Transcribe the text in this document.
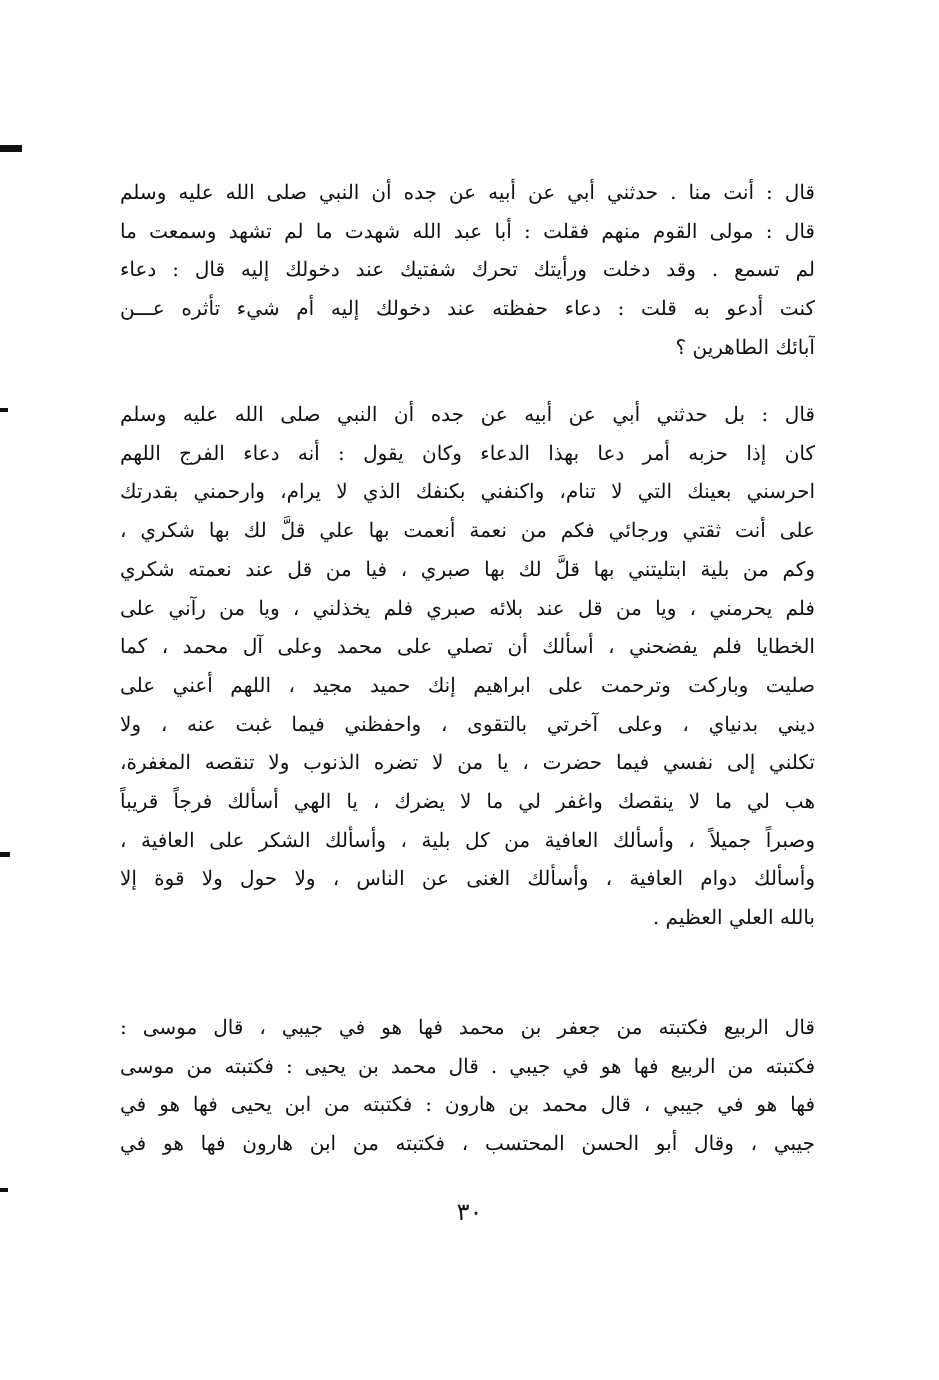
قال : أنت منا . حدثني أبي عن أبيه عن جده أن النبي صلى الله عليه وسلم
قال : مولى القوم منهم فقلت : أبا عبد الله شهدت ما لم تشهد وسمعت ما
لم تسمع . وقد دخلت ورأيتك تحرك شفتيك عند دخولك إليه قال : دعاء
كنت أدعو به قلت : دعاء حفظته عند دخولك إليه أم شيء تأثره عـــن
آبائك الطاهرين ؟
قال : بل حدثني أبي عن أبيه عن جده أن النبي صلى الله عليه وسلم
كان إذا حزبه أمر دعا بهذا الدعاء وكان يقول : أنه دعاء الفرج اللهم
احرسني بعينك التي لا تنام، واكنفني بكنفك الذي لا يرام، وارحمني بقدرتك
على أنت ثقتي ورجائي فكم من نعمة أنعمت بها علي قلَّ لك بها شكري ،
وكم من بلية ابتليتني بها قلَّ لك بها صبري ، فيا من قل عند نعمته شكري
فلم يحرمني ، ويا من قل عند بلائه صبري فلم يخذلني ، ويا من رآني على
الخطايا فلم يفضحني ، أسألك أن تصلي على محمد وعلى آل محمد ، كما
صليت وباركت وترحمت على ابراهيم إنك حميد مجيد ، اللهم أعني على
ديني بدنياي ، وعلى آخرتي بالتقوى ، واحفظني فيما غبت عنه ، ولا
تكلني إلى نفسي فيما حضرت ، يا من لا تضره الذنوب ولا تنقصه المغفرة،
هب لي ما لا ينقصك واغفر لي ما لا يضرك ، يا الهي أسألك فرجاً قريباً
وصبراً جميلاً ، وأسألك العافية من كل بلية ، وأسألك الشكر على العافية ،
وأسألك دوام العافية ، وأسألك الغنى عن الناس ، ولا حول ولا قوة إلا
بالله العلي العظيم .
قال الربيع فكتبته من جعفر بن محمد فها هو في جيبي ، قال موسى :
فكتبته من الربيع فها هو في جيبي . قال محمد بن يحيى : فكتبته من موسى
فها هو في جيبي ، قال محمد بن هارون : فكتبته من ابن يحيى فها هو في
جيبي ، وقال أبو الحسن المحتسب ، فكتبته من ابن هارون فها هو في
٣٠
